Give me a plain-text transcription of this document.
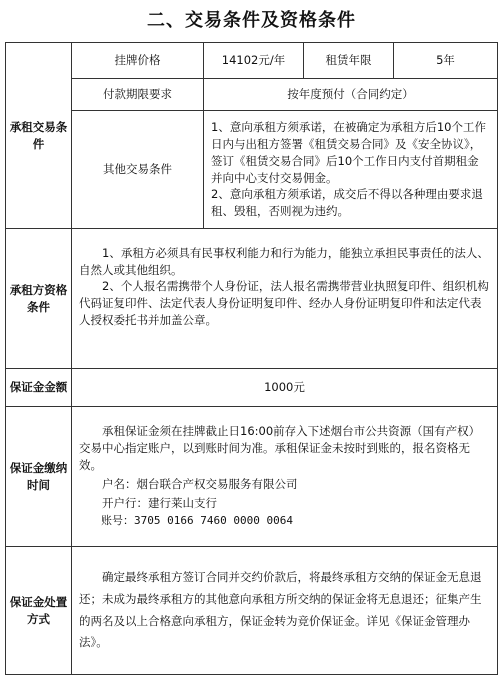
二、交易条件及资格条件
承租交易条件	挂牌价格	14102元/年	租赁年限	5年
	付款期限要求	按年度预付（合同约定）		
	其他交易条件	1、意向承租方须承诺，在被确定为承租方后10个工作日内与出租方签署《租赁交易合同》及《安全协议》，签订《租赁交易合同》后10个工作日内支付首期租金并向中心支付交易佣金。

2、意向承租方须承诺，成交后不得以各种理由要求退租、毁租，否则视为违约。		

承租方资格条件	1、承租方必须具有民事权利能力和行为能力，能独立承担民事责任的法人、自然人或其他组织。

2、个人报名需携带个人身份证，法人报名需携带营业执照复印件、组织机构代码证复印件、法定代表人身份证明复印件、经办人身份证明复印件和法定代表人授权委托书并加盖公章。			

保证金金额	1000元			
保证金缴纳时间	承租保证金须在挂牌截止日16:00前存入下述烟台市公共资源（国有产权）交易中心指定账户，以到账时间为准。承租保证金未按时到账的，报名资格无效。

户名：烟台联合产权交易服务有限公司

开户行：建行莱山支行

账号：3705 0166 7460 0000 0064			

保证金处置方式	确定最终承租方签订合同并交约价款后，将最终承租方交纳的保证金无息退还；未成为最终承租方的其他意向承租方所交纳的保证金将无息退还；征集产生的两名及以上合格意向承租方，保证金转为竞价保证金。详见《保证金管理办法》。			
